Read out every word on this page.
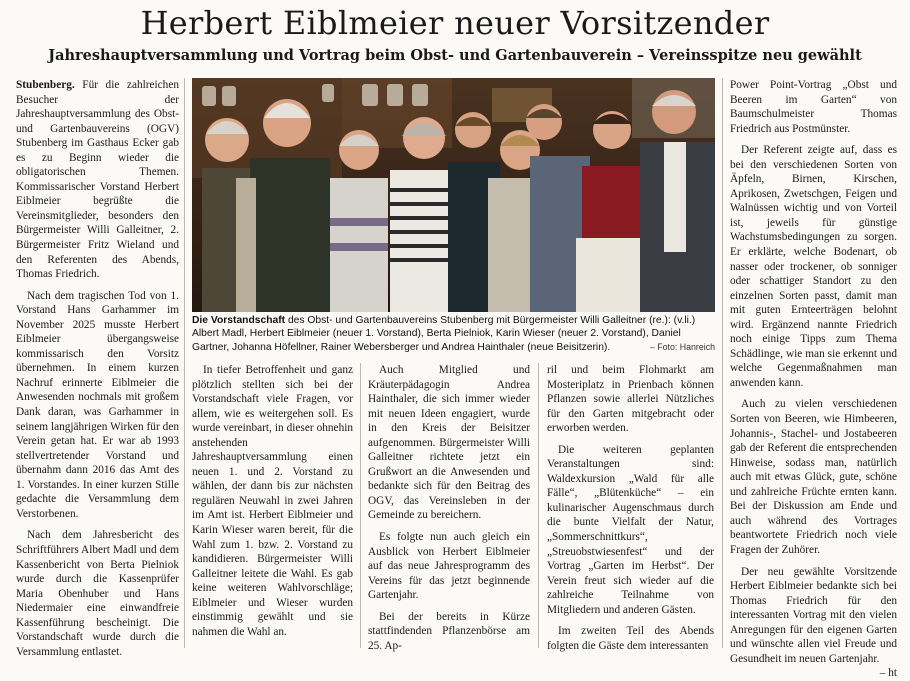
Herbert Eiblmeier neuer Vorsitzender
Jahreshauptversammlung und Vortrag beim Obst- und Gartenbauverein – Vereinsspitze neu gewählt

Stubenberg. Für die zahlreichen Besucher der Jahreshauptversammlung des Obst- und Gartenbauvereins (OGV) Stubenberg im Gasthaus Ecker gab es zu Beginn wieder die obligatorischen Themen. Kommissarischer Vorstand Herbert Eiblmeier begrüßte die Vereinsmitglieder, besonders den Bürgermeister Willi Galleitner, 2. Bürgermeister Fritz Wieland und den Referenten des Abends, Thomas Friedrich.

Nach dem tragischen Tod von 1. Vorstand Hans Garhammer im November 2025 musste Herbert Eiblmeier übergangsweise kommissarisch den Vorsitz übernehmen. In einem kurzen Nachruf erinnerte Eiblmeier die Anwesenden nochmals mit großem Dank daran, was Garhammer in seinem langjährigen Wirken für den Verein getan hat. Er war ab 1993 stellvertretender Vorstand und übernahm dann 2016 das Amt des 1. Vorstandes. In einer kurzen Stille gedachte die Versammlung dem Verstorbenen.

Nach dem Jahresbericht des Schriftführers Albert Madl und dem Kassenbericht von Berta Pielniok wurde durch die Kassenprüfer Maria Obenhuber und Hans Niedermaier eine einwandfreie Kassenführung bescheinigt. Die Vorstandschaft wurde durch die Versammlung entlastet.

Die Vorstandschaft des Obst- und Gartenbauvereins Stubenberg mit Bürgermeister Willi Galleitner (re.): (v.li.) Albert Madl, Herbert Eiblmeier (neuer 1. Vorstand), Berta Pielniok, Karin Wieser (neuer 2. Vorstand), Daniel Gartner, Johanna Höfellner, Rainer Webersberger und Andrea Hainthaler (neue Beisitzerin).	– Foto: Hanreich

In tiefer Betroffenheit und ganz plötzlich stellten sich bei der Vorstandschaft viele Fragen, vor allem, wie es weitergehen soll. Es wurde vereinbart, in dieser ohnehin anstehenden Jahreshauptversammlung einen neuen 1. und 2. Vorstand zu wählen, der dann bis zur nächsten regulären Neuwahl in zwei Jahren im Amt ist. Herbert Eiblmeier und Karin Wieser waren bereit, für die Wahl zum 1. bzw. 2. Vorstand zu kandidieren. Bürgermeister Willi Galleitner leitete die Wahl. Es gab keine weiteren Wahlvorschläge; Eiblmeier und Wieser wurden einstimmig gewählt und sie nahmen die Wahl an.

Auch Mitglied und Kräuterpädagogin Andrea Hainthaler, die sich immer wieder mit neuen Ideen engagiert, wurde in den Kreis der Beisitzer aufgenommen. Bürgermeister Willi Galleitner richtete jetzt ein Grußwort an die Anwesenden und bedankte sich für den Beitrag des OGV, das Vereinsleben in der Gemeinde zu bereichern.

Es folgte nun auch gleich ein Ausblick von Herbert Eiblmeier auf das neue Jahresprogramm des Vereins für das jetzt beginnende Gartenjahr.

Bei der bereits in Kürze stattfindenden Pflanzenbörse am 25. Ap-

ril und beim Flohmarkt am Mosteriplatz in Prienbach können Pflanzen sowie allerlei Nützliches für den Garten mitgebracht oder erworben werden.

Die weiteren geplanten Veranstaltungen sind: Waldexkursion „Wald für alle Fälle“, „Blütenküche“ – ein kulinarischer Augenschmaus durch die bunte Vielfalt der Natur, „Sommerschnittkurs“, „Streuobstwiesenfest“ und der Vortrag „Garten im Herbst“. Der Verein freut sich wieder auf die zahlreiche Teilnahme von Mitgliedern und anderen Gästen.

Im zweiten Teil des Abends folgten die Gäste dem interessanten

Power Point-Vortrag „Obst und Beeren im Garten“ von Baumschulmeister Thomas Friedrich aus Postmünster.

Der Referent zeigte auf, dass es bei den verschiedenen Sorten von Äpfeln, Birnen, Kirschen, Aprikosen, Zwetschgen, Feigen und Walnüssen wichtig und von Vorteil ist, jeweils für günstige Wachstumsbedingungen zu sorgen. Er erklärte, welche Bodenart, ob nasser oder trockener, ob sonniger oder schattiger Standort zu den einzelnen Sorten passt, damit man mit guten Ernteerträgen belohnt wird. Ergänzend nannte Friedrich noch einige Tipps zum Thema Schädlinge, wie man sie erkennt und welche Gegenmaßnahmen man anwenden kann.

Auch zu vielen verschiedenen Sorten von Beeren, wie Himbeeren, Johannis-, Stachel- und Jostabeeren gab der Referent die entsprechenden Hinweise, sodass man, natürlich auch mit etwas Glück, gute, schöne und zahlreiche Früchte ernten kann. Bei der Diskussion am Ende und auch während des Vortrages beantwortete Friedrich noch viele Fragen der Zuhörer.

Der neu gewählte Vorsitzende Herbert Eiblmeier bedankte sich bei Thomas Friedrich für den interessanten Vortrag mit den vielen Anregungen für den eigenen Garten und wünschte allen viel Freude und Gesundheit im neuen Gartenjahr.
– ht
